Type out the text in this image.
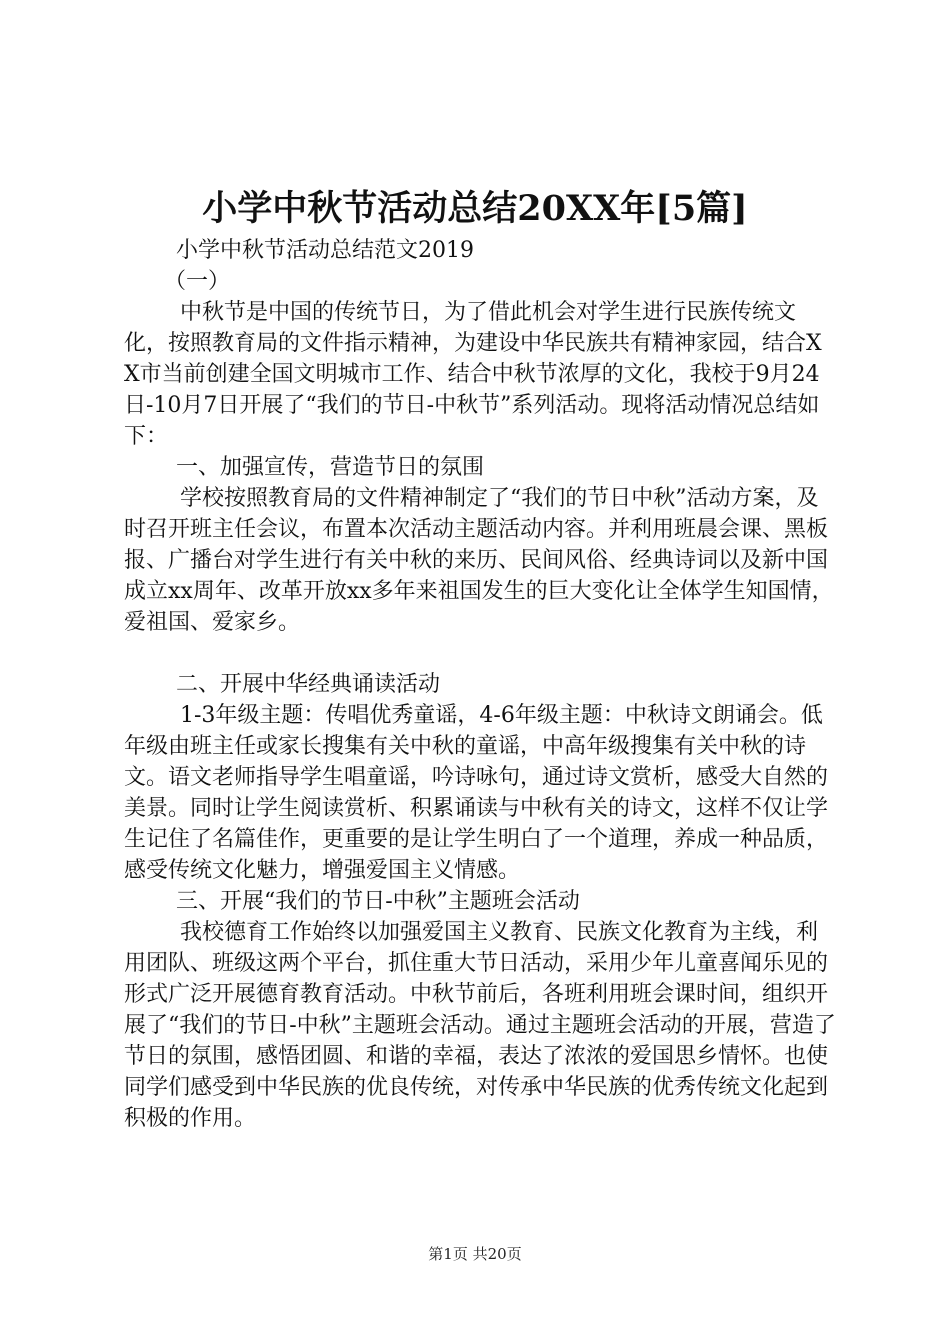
小学中秋节活动总结20XX年[5篇]

小学中秋节活动总结范文2019

（一）

中秋节是中国的传统节日，为了借此机会对学生进行民族传统文化，按照教育局的文件指示精神，为建设中华民族共有精神家园，结合XX市当前创建全国文明城市工作、结合中秋节浓厚的文化，我校于9月24日-10月7日开展了“我们的节日-中秋节”系列活动。现将活动情况总结如下：

一、加强宣传，营造节日的氛围

学校按照教育局的文件精神制定了“我们的节日中秋”活动方案，及时召开班主任会议，布置本次活动主题活动内容。并利用班晨会课、黑板报、广播台对学生进行有关中秋的来历、民间风俗、经典诗词以及新中国成立xx周年、改革开放xx多年来祖国发生的巨大变化让全体学生知国情，爱祖国、爱家乡。

二、开展中华经典诵读活动

1-3年级主题：传唱优秀童谣，4-6年级主题：中秋诗文朗诵会。低年级由班主任或家长搜集有关中秋的童谣，中高年级搜集有关中秋的诗文。语文老师指导学生唱童谣，吟诗咏句，通过诗文赏析，感受大自然的美景。同时让学生阅读赏析、积累诵读与中秋有关的诗文，这样不仅让学生记住了名篇佳作，更重要的是让学生明白了一个道理，养成一种品质，感受传统文化魅力，增强爱国主义情感。

三、开展“我们的节日-中秋”主题班会活动

我校德育工作始终以加强爱国主义教育、民族文化教育为主线，利用团队、班级这两个平台，抓住重大节日活动，采用少年儿童喜闻乐见的形式广泛开展德育教育活动。中秋节前后，各班利用班会课时间，组织开展了“我们的节日-中秋”主题班会活动。通过主题班会活动的开展，营造了节日的氛围，感悟团圆、和谐的幸福，表达了浓浓的爱国思乡情怀。也使同学们感受到中华民族的优良传统，对传承中华民族的优秀传统文化起到积极的作用。

第1页 共20页
